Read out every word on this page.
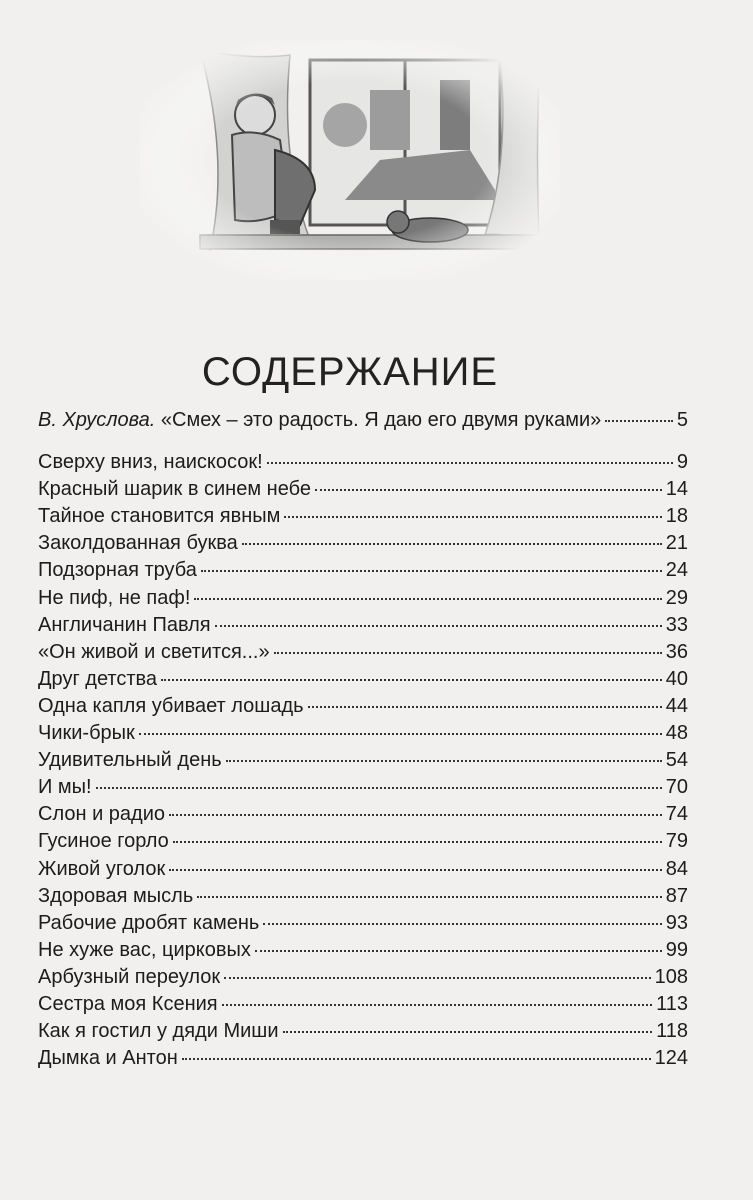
СОДЕРЖАНИЕ
В. Хруслова. «Смех – это радость. Я даю его двумя руками»	5
Сверху вниз, наискосок!	9
Красный шарик в синем небе	14
Тайное становится явным	18
Заколдованная буква	21
Подзорная труба	24
Не пиф, не паф!	29
Англичанин Павля	33
«Он живой и светится...»	36
Друг детства	40
Одна капля убивает лошадь	44
Чики-брык	48
Удивительный день	54
И мы!	70
Слон и радио	74
Гусиное горло	79
Живой уголок	84
Здоровая мысль	87
Рабочие дробят камень	93
Не хуже вас, цирковых	99
Арбузный переулок	108
Сестра моя Ксения	113
Как я гостил у дяди Миши	118
Дымка и Антон	124
